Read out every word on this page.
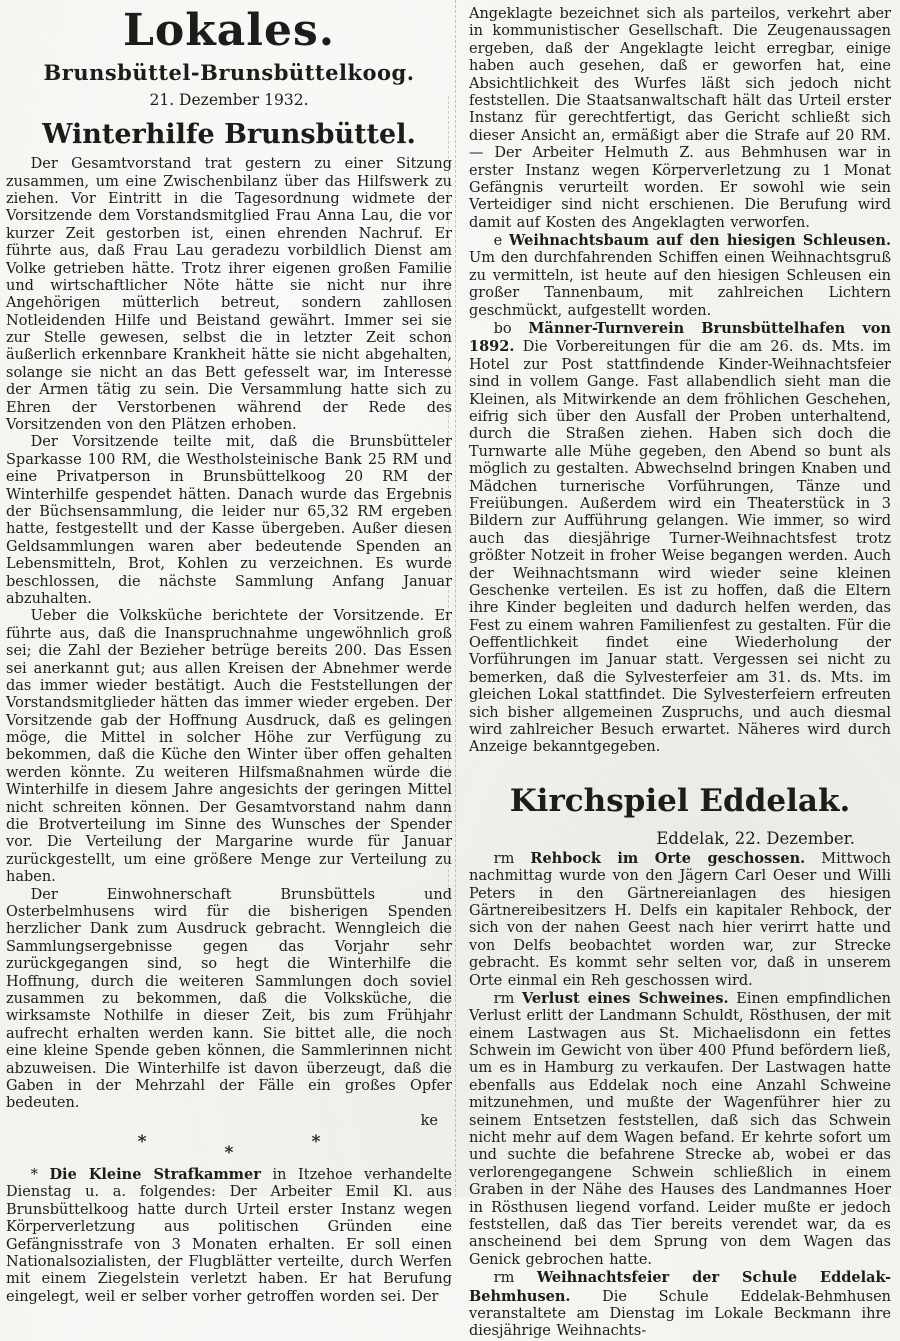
Lokales.
Brunsbüttel-Brunsbüttelkoog.

21. Dezember 1932.

Winterhilfe Brunsbüttel.

Der Gesamtvorstand trat gestern zu einer Sitzung zusammen, um eine Zwischenbilanz über das Hilfswerk zu ziehen. Vor Eintritt in die Tagesordnung widmete der Vorsitzende dem Vorstandsmitglied Frau Anna Lau, die vor kurzer Zeit gestorben ist, einen ehrenden Nachruf. Er führte aus, daß Frau Lau geradezu vorbildlich Dienst am Volke getrieben hätte. Trotz ihrer eigenen großen Familie und wirtschaftlicher Nöte hätte sie nicht nur ihre Angehörigen mütterlich betreut, sondern zahllosen Notleidenden Hilfe und Beistand gewährt. Immer sei sie zur Stelle gewesen, selbst die in letzter Zeit schon äußerlich erkennbare Krankheit hätte sie nicht abgehalten, solange sie nicht an das Bett gefesselt war, im Interesse der Armen tätig zu sein. Die Versammlung hatte sich zu Ehren der Verstorbenen während der Rede des Vorsitzenden von den Plätzen erhoben.

Der Vorsitzende teilte mit, daß die Brunsbütteler Sparkasse 100 RM, die Westholsteinische Bank 25 RM und eine Privatperson in Brunsbüttelkoog 20 RM der Winterhilfe gespendet hätten. Danach wurde das Ergebnis der Büchsensammlung, die leider nur 65,32 RM ergeben hatte, festgestellt und der Kasse übergeben. Außer diesen Geldsammlungen waren aber bedeutende Spenden an Lebensmitteln, Brot, Kohlen zu verzeichnen. Es wurde beschlossen, die nächste Sammlung Anfang Januar abzuhalten.

Ueber die Volksküche berichtete der Vorsitzende. Er führte aus, daß die Inanspruchnahme ungewöhnlich groß sei; die Zahl der Bezieher betrüge bereits 200. Das Essen sei anerkannt gut; aus allen Kreisen der Abnehmer werde das immer wieder bestätigt. Auch die Feststellungen der Vorstandsmitglieder hätten das immer wieder ergeben. Der Vorsitzende gab der Hoffnung Ausdruck, daß es gelingen möge, die Mittel in solcher Höhe zur Verfügung zu bekommen, daß die Küche den Winter über offen gehalten werden könnte. Zu weiteren Hilfsmaßnahmen würde die Winterhilfe in diesem Jahre angesichts der geringen Mittel nicht schreiten können. Der Gesamtvorstand nahm dann die Brotverteilung im Sinne des Wunsches der Spender vor. Die Verteilung der Margarine wurde für Januar zurückgestellt, um eine größere Menge zur Verteilung zu haben.

Der Einwohnerschaft Brunsbüttels und Osterbelmhusens wird für die bisherigen Spenden herzlicher Dank zum Ausdruck gebracht. Wenngleich die Sammlungsergebnisse gegen das Vorjahr sehr zurückgegangen sind, so hegt die Winterhilfe die Hoffnung, durch die weiteren Sammlungen doch soviel zusammen zu bekommen, daß die Volksküche, die wirksamste Nothilfe in dieser Zeit, bis zum Frühjahr aufrecht erhalten werden kann. Sie bittet alle, die noch eine kleine Spende geben können, die Sammlerinnen nicht abzuweisen. Die Winterhilfe ist davon überzeugt, daß die Gaben in der Mehrzahl der Fälle ein großes Opfer bedeuten.

ke

*
*
*

* Die Kleine Strafkammer in Itzehoe verhandelte Dienstag u. a. folgendes: Der Arbeiter Emil Kl. aus Brunsbüttelkoog hatte durch Urteil erster Instanz wegen Körperverletzung aus politischen Gründen eine Gefängnisstrafe von 3 Monaten erhalten. Er soll einen Nationalsozialisten, der Flugblätter verteilte, durch Werfen mit einem Ziegelstein verletzt haben. Er hat Berufung eingelegt, weil er selber vorher getroffen worden sei. Der

Angeklagte bezeichnet sich als parteilos, verkehrt aber in kommunistischer Gesellschaft. Die Zeugenaussagen ergeben, daß der Angeklagte leicht erregbar, einige haben auch gesehen, daß er geworfen hat, eine Absichtlichkeit des Wurfes läßt sich jedoch nicht feststellen. Die Staatsanwaltschaft hält das Urteil erster Instanz für gerechtfertigt, das Gericht schließt sich dieser Ansicht an, ermäßigt aber die Strafe auf 20 RM. — Der Arbeiter Helmuth Z. aus Behmhusen war in erster Instanz wegen Körperverletzung zu 1 Monat Gefängnis verurteilt worden. Er sowohl wie sein Verteidiger sind nicht erschienen. Die Berufung wird damit auf Kosten des Angeklagten verworfen.

e Weihnachtsbaum auf den hiesigen Schleusen. Um den durchfahrenden Schiffen einen Weihnachtsgruß zu vermitteln, ist heute auf den hiesigen Schleusen ein großer Tannenbaum, mit zahlreichen Lichtern geschmückt, aufgestellt worden.

bo Männer-Turnverein Brunsbüttelhafen von 1892. Die Vorbereitungen für die am 26. ds. Mts. im Hotel zur Post stattfindende Kinder-Weihnachtsfeier sind in vollem Gange. Fast allabendlich sieht man die Kleinen, als Mitwirkende an dem fröhlichen Geschehen, eifrig sich über den Ausfall der Proben unterhaltend, durch die Straßen ziehen. Haben sich doch die Turnwarte alle Mühe gegeben, den Abend so bunt als möglich zu gestalten. Abwechselnd bringen Knaben und Mädchen turnerische Vorführungen, Tänze und Freiübungen. Außerdem wird ein Theaterstück in 3 Bildern zur Aufführung gelangen. Wie immer, so wird auch das diesjährige Turner-Weihnachtsfest trotz größter Notzeit in froher Weise begangen werden. Auch der Weihnachtsmann wird wieder seine kleinen Geschenke verteilen. Es ist zu hoffen, daß die Eltern ihre Kinder begleiten und dadurch helfen werden, das Fest zu einem wahren Familienfest zu gestalten. Für die Oeffentlichkeit findet eine Wiederholung der Vorführungen im Januar statt. Vergessen sei nicht zu bemerken, daß die Sylvesterfeier am 31. ds. Mts. im gleichen Lokal stattfindet. Die Sylvesterfeiern erfreuten sich bisher allgemeinen Zuspruchs, und auch diesmal wird zahlreicher Besuch erwartet. Näheres wird durch Anzeige bekanntgegeben.

Kirchspiel Eddelak.

Eddelak, 22. Dezember.

rm Rehbock im Orte geschossen. Mittwoch nachmittag wurde von den Jägern Carl Oeser und Willi Peters in den Gärtnereianlagen des hiesigen Gärtnereibesitzers H. Delfs ein kapitaler Rehbock, der sich von der nahen Geest nach hier verirrt hatte und von Delfs beobachtet worden war, zur Strecke gebracht. Es kommt sehr selten vor, daß in unserem Orte einmal ein Reh geschossen wird.

rm Verlust eines Schweines. Einen empfindlichen Verlust erlitt der Landmann Schuldt, Rösthusen, der mit einem Lastwagen aus St. Michaelisdonn ein fettes Schwein im Gewicht von über 400 Pfund befördern ließ, um es in Hamburg zu verkaufen. Der Lastwagen hatte ebenfalls aus Eddelak noch eine Anzahl Schweine mitzunehmen, und mußte der Wagenführer hier zu seinem Entsetzen feststellen, daß sich das Schwein nicht mehr auf dem Wagen befand. Er kehrte sofort um und suchte die befahrene Strecke ab, wobei er das verlorengegangene Schwein schließlich in einem Graben in der Nähe des Hauses des Landmannes Hoer in Rösthusen liegend vorfand. Leider mußte er jedoch feststellen, daß das Tier bereits verendet war, da es anscheinend bei dem Sprung von dem Wagen das Genick gebrochen hatte.

rm Weihnachtsfeier der Schule Eddelak-Behmhusen. Die Schule Eddelak-Behmhusen veranstaltete am Dienstag im Lokale Beckmann ihre diesjährige Weihnachts-
